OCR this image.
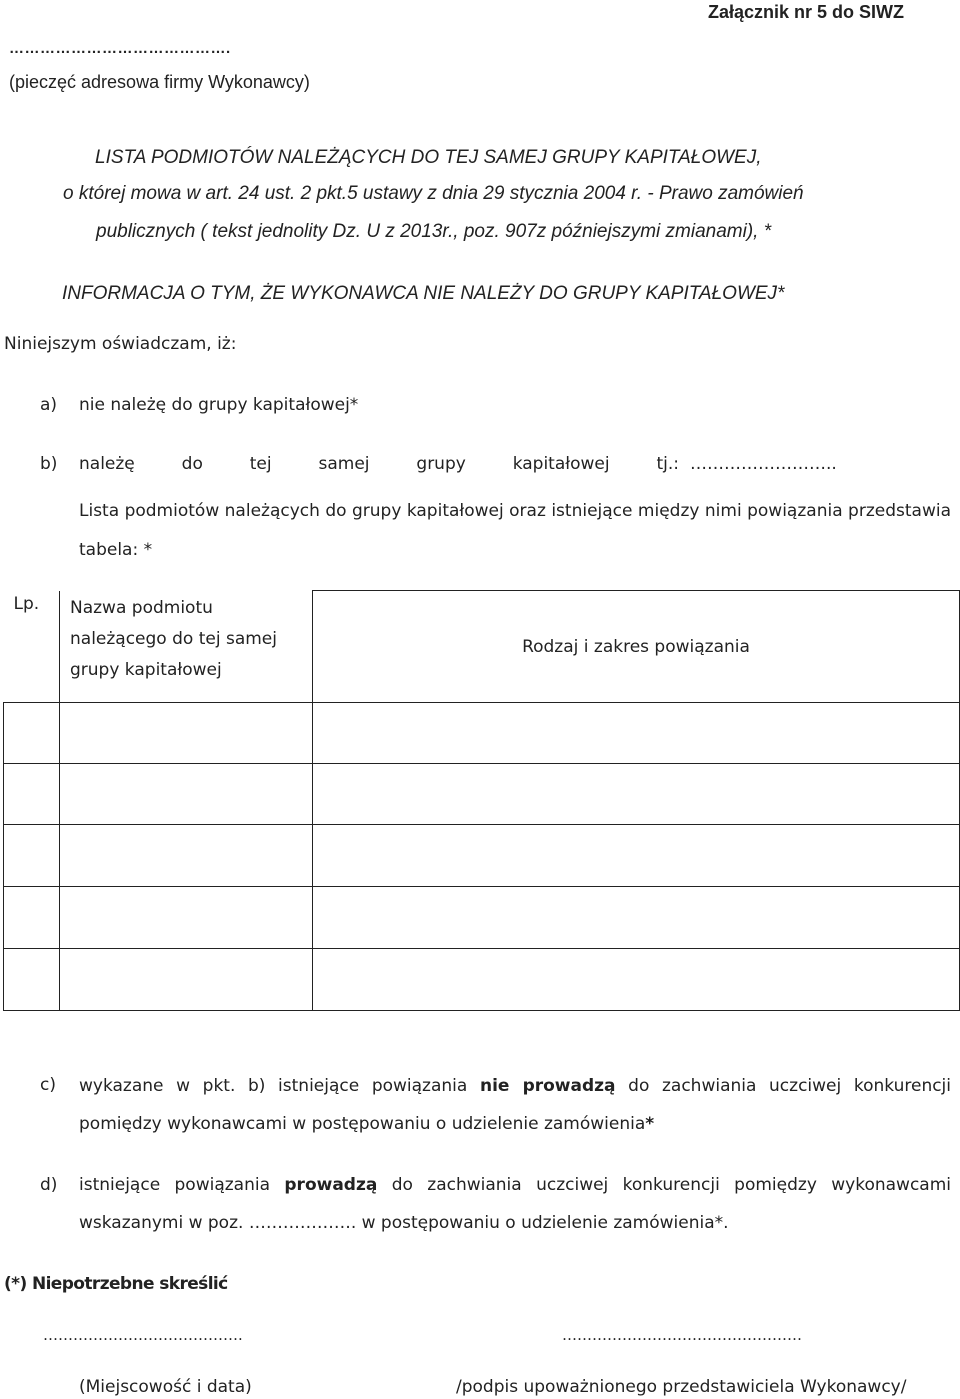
Załącznik nr 5 do SIWZ

…………………………………….

(pieczęć adresowa firmy Wykonawcy)

LISTA PODMIOTÓW NALEŻĄCYCH DO TEJ SAMEJ GRUPY KAPITAŁOWEJ,

o której mowa w art. 24 ust. 2 pkt.5 ustawy z dnia 29 stycznia 2004 r. - Prawo zamówień

publicznych ( tekst jednolity Dz. U z 2013r., poz. 907z późniejszymi zmianami), *

INFORMACJA O TYM, ŻE WYKONAWCA NIE NALEŻY DO GRUPY KAPITAŁOWEJ*

Niniejszym oświadczam, iż:

a) nie należę do grupy kapitałowej*
b) należę do tej samej grupy kapitałowej tj.: ……………………..

Lista podmiotów należących do grupy kapitałowej oraz istniejące między nimi powiązania przedstawia tabela: *

Lp.	Nazwa podmiotu należącego do tej samej grupy kapitałowej	Rodzaj i zakres powiązania

c) wykazane w pkt. b) istniejące powiązania nie prowadzą do zachwiania uczciwej konkurencji pomiędzy wykonawcami w postępowaniu o udzielenie zamówienia*

d) istniejące powiązania prowadzą do zachwiania uczciwej konkurencji pomiędzy wykonawcami wskazanymi w poz. ………………. w postępowaniu o udzielenie zamówienia*.

(*) Niepotrzebne skreślić

………………………………….

(Miejscowość i data)

…………………………………………

/podpis upoważnionego przedstawiciela Wykonawcy/
